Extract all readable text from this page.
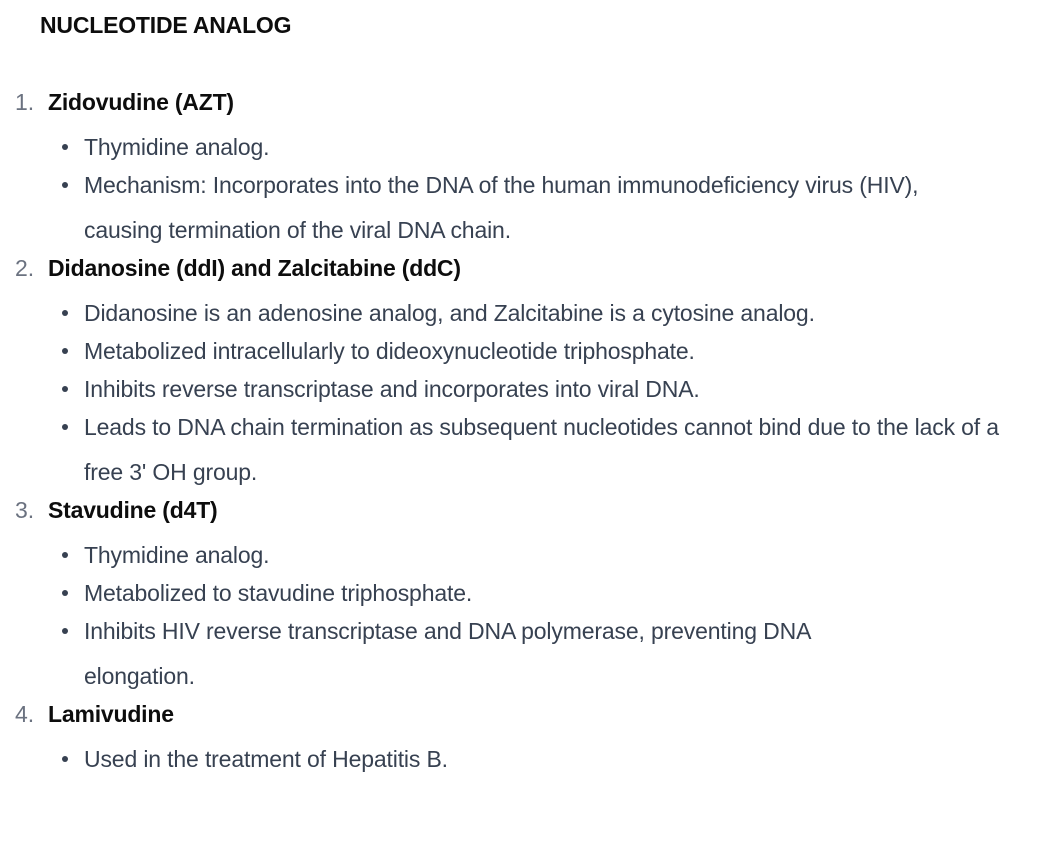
NUCLEOTIDE ANALOG
1. Zidovudine (AZT)
Thymidine analog.
Mechanism: Incorporates into the DNA of the human immunodeficiency virus (HIV), causing termination of the viral DNA chain.
2. Didanosine (ddI) and Zalcitabine (ddC)
Didanosine is an adenosine analog, and Zalcitabine is a cytosine analog.
Metabolized intracellularly to dideoxynucleotide triphosphate.
Inhibits reverse transcriptase and incorporates into viral DNA.
Leads to DNA chain termination as subsequent nucleotides cannot bind due to the lack of a free 3' OH group.
3. Stavudine (d4T)
Thymidine analog.
Metabolized to stavudine triphosphate.
Inhibits HIV reverse transcriptase and DNA polymerase, preventing DNA elongation.
4. Lamivudine
Used in the treatment of Hepatitis B.
